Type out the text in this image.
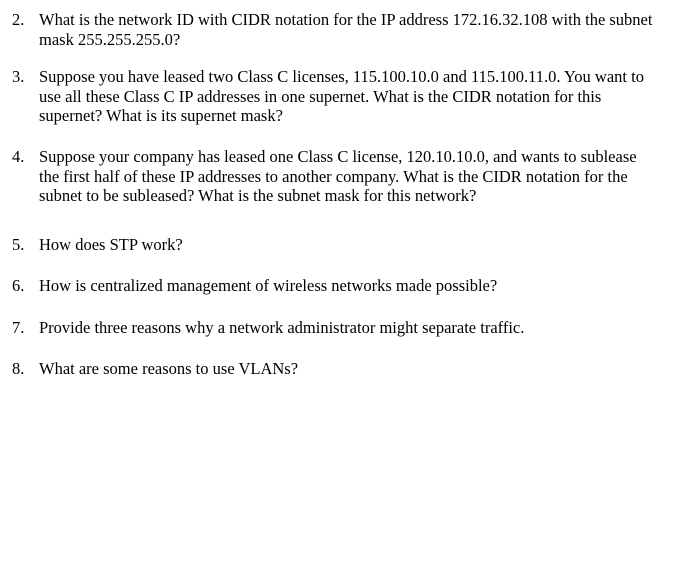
2. What is the network ID with CIDR notation for the IP address 172.16.32.108 with the subnet
mask 255.255.255.0?
3. Suppose you have leased two Class C licenses, 115.100.10.0 and 115.100.11.0. You want to
use all these Class C IP addresses in one supernet. What is the CIDR notation for this
supernet? What is its supernet mask?
4. Suppose your company has leased one Class C license, 120.10.10.0, and wants to sublease
the first half of these IP addresses to another company. What is the CIDR notation for the
subnet to be subleased? What is the subnet mask for this network?
5. How does STP work?
6. How is centralized management of wireless networks made possible?
7. Provide three reasons why a network administrator might separate traffic.
8. What are some reasons to use VLANs?
